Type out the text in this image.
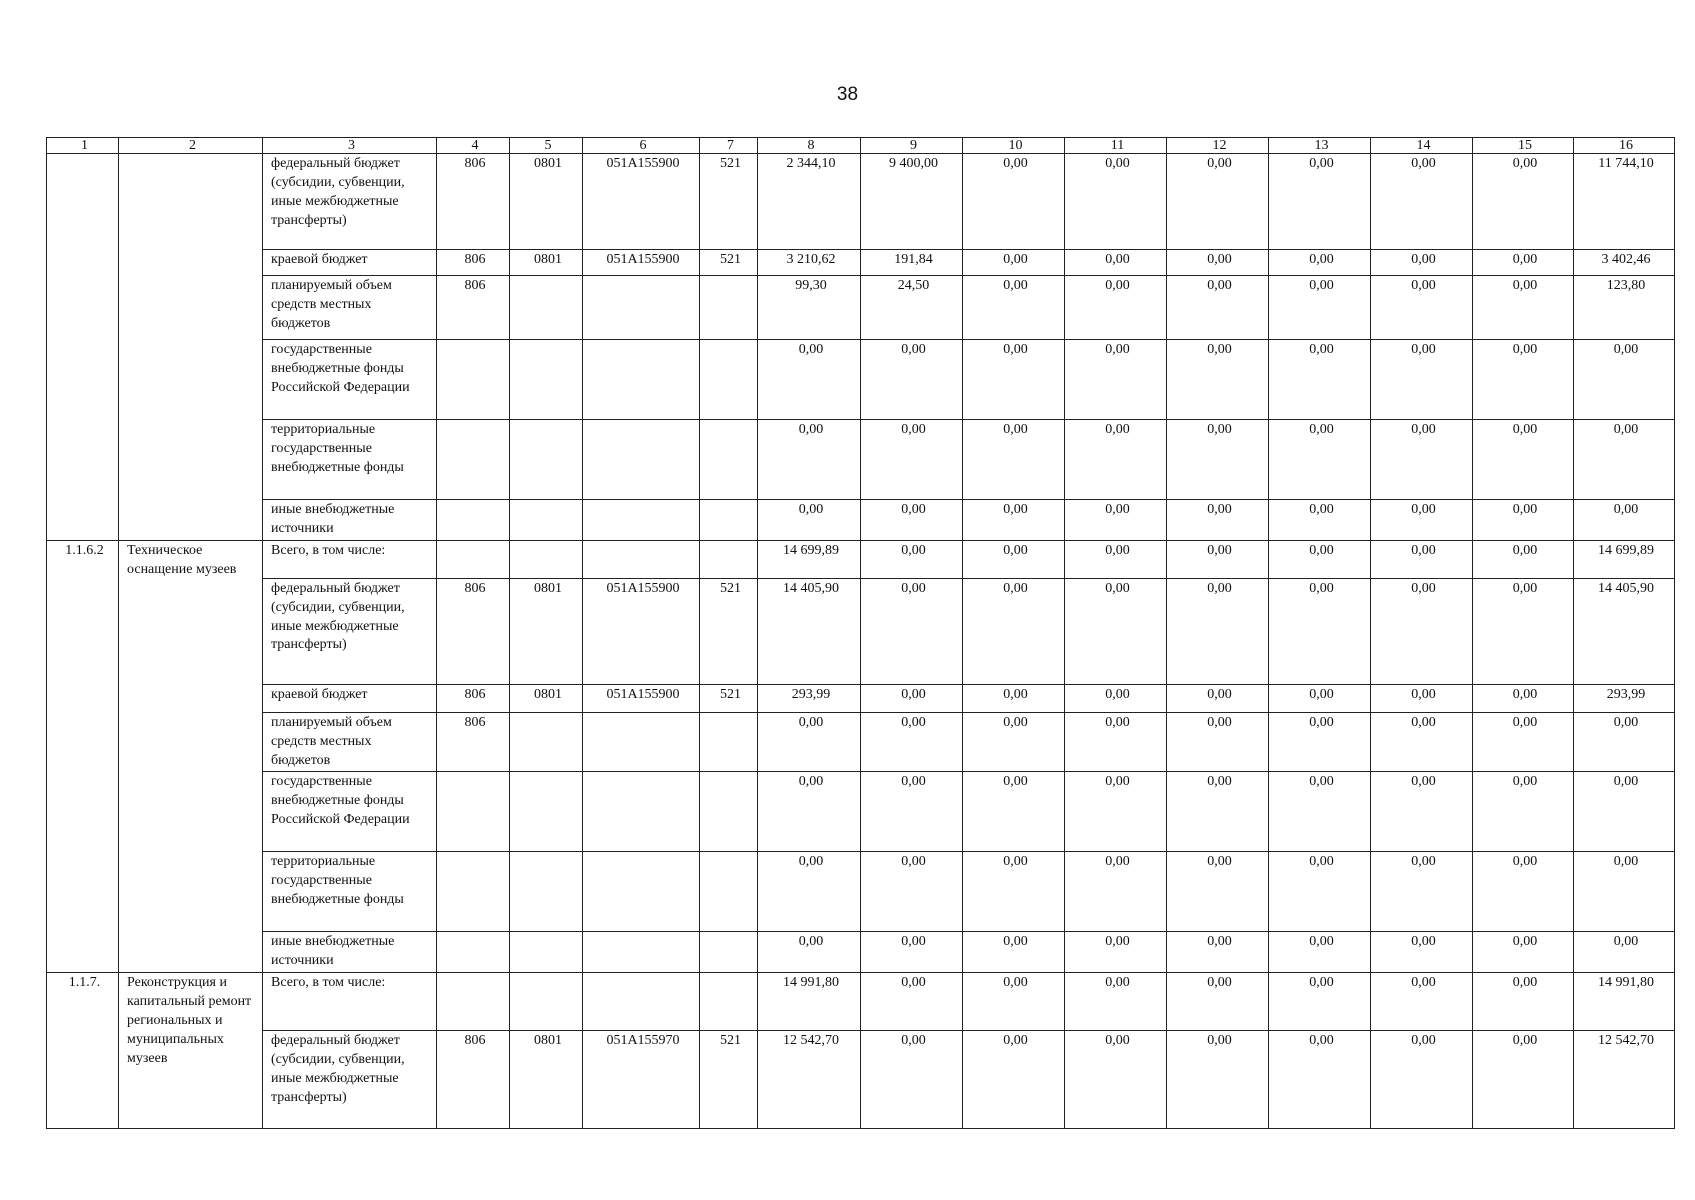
38
1	2	3	4	5	6	7	8	9	10	11	12	13	14	15	16
		федеральный бюджет (субсидии, субвенции, иные межбюджетные трансферты)	806	0801	051A155900	521	2 344,10	9 400,00	0,00	0,00	0,00	0,00	0,00	0,00	11 744,10
		краевой бюджет	806	0801	051A155900	521	3 210,62	191,84	0,00	0,00	0,00	0,00	0,00	0,00	3 402,46
		планируемый объем средств местных бюджетов	806				99,30	24,50	0,00	0,00	0,00	0,00	0,00	0,00	123,80
		государственные внебюджетные фонды Российской Федерации					0,00	0,00	0,00	0,00	0,00	0,00	0,00	0,00	0,00
		территориальные государственные внебюджетные фонды					0,00	0,00	0,00	0,00	0,00	0,00	0,00	0,00	0,00
		иные внебюджетные источники					0,00	0,00	0,00	0,00	0,00	0,00	0,00	0,00	0,00
1.1.6.2	Техническое оснащение музеев	Всего, в том числе:					14 699,89	0,00	0,00	0,00	0,00	0,00	0,00	0,00	14 699,89
		федеральный бюджет (субсидии, субвенции, иные межбюджетные трансферты)	806	0801	051A155900	521	14 405,90	0,00	0,00	0,00	0,00	0,00	0,00	0,00	14 405,90
		краевой бюджет	806	0801	051A155900	521	293,99	0,00	0,00	0,00	0,00	0,00	0,00	0,00	293,99
		планируемый объем средств местных бюджетов	806				0,00	0,00	0,00	0,00	0,00	0,00	0,00	0,00	0,00
		государственные внебюджетные фонды Российской Федерации					0,00	0,00	0,00	0,00	0,00	0,00	0,00	0,00	0,00
		территориальные государственные внебюджетные фонды					0,00	0,00	0,00	0,00	0,00	0,00	0,00	0,00	0,00
		иные внебюджетные источники					0,00	0,00	0,00	0,00	0,00	0,00	0,00	0,00	0,00
1.1.7.	Реконструкция и капитальный ремонт региональных и муниципальных музеев	Всего, в том числе:					14 991,80	0,00	0,00	0,00	0,00	0,00	0,00	0,00	14 991,80
		федеральный бюджет (субсидии, субвенции, иные межбюджетные трансферты)	806	0801	051A155970	521	12 542,70	0,00	0,00	0,00	0,00	0,00	0,00	0,00	12 542,70
